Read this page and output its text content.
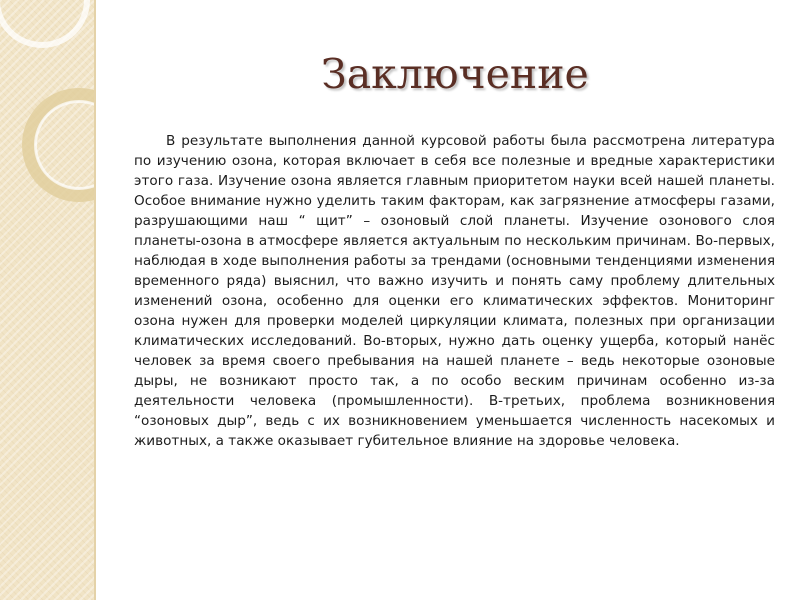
Заключение

В результате выполнения данной курсовой работы была рассмотрена литература по изучению озона, которая включает в себя все полезные и вредные характеристики этого газа. Изучение озона является главным приоритетом науки всей нашей планеты. Особое внимание нужно уделить таким факторам, как загрязнение атмосферы газами, разрушающими наш “ щит” – озоновый слой планеты. Изучение озонового слоя планеты-озона в атмосфере является актуальным по нескольким причинам. Во-первых, наблюдая в ходе выполнения работы за трендами (основными тенденциями изменения временного ряда) выяснил, что важно изучить и понять саму проблему длительных изменений озона, особенно для оценки его климатических эффектов. Мониторинг озона нужен для проверки моделей циркуляции климата, полезных при организации климатических исследований. Во-вторых, нужно дать оценку ущерба, который нанёс человек за время своего пребывания на нашей планете – ведь некоторые озоновые дыры, не возникают просто так, а по особо веским причинам особенно из-за деятельности человека (промышленности). В-третьих, проблема возникновения “озоновых дыр”, ведь с их возникновением уменьшается численность насекомых и животных, а также оказывает губительное влияние на здоровье человека.
